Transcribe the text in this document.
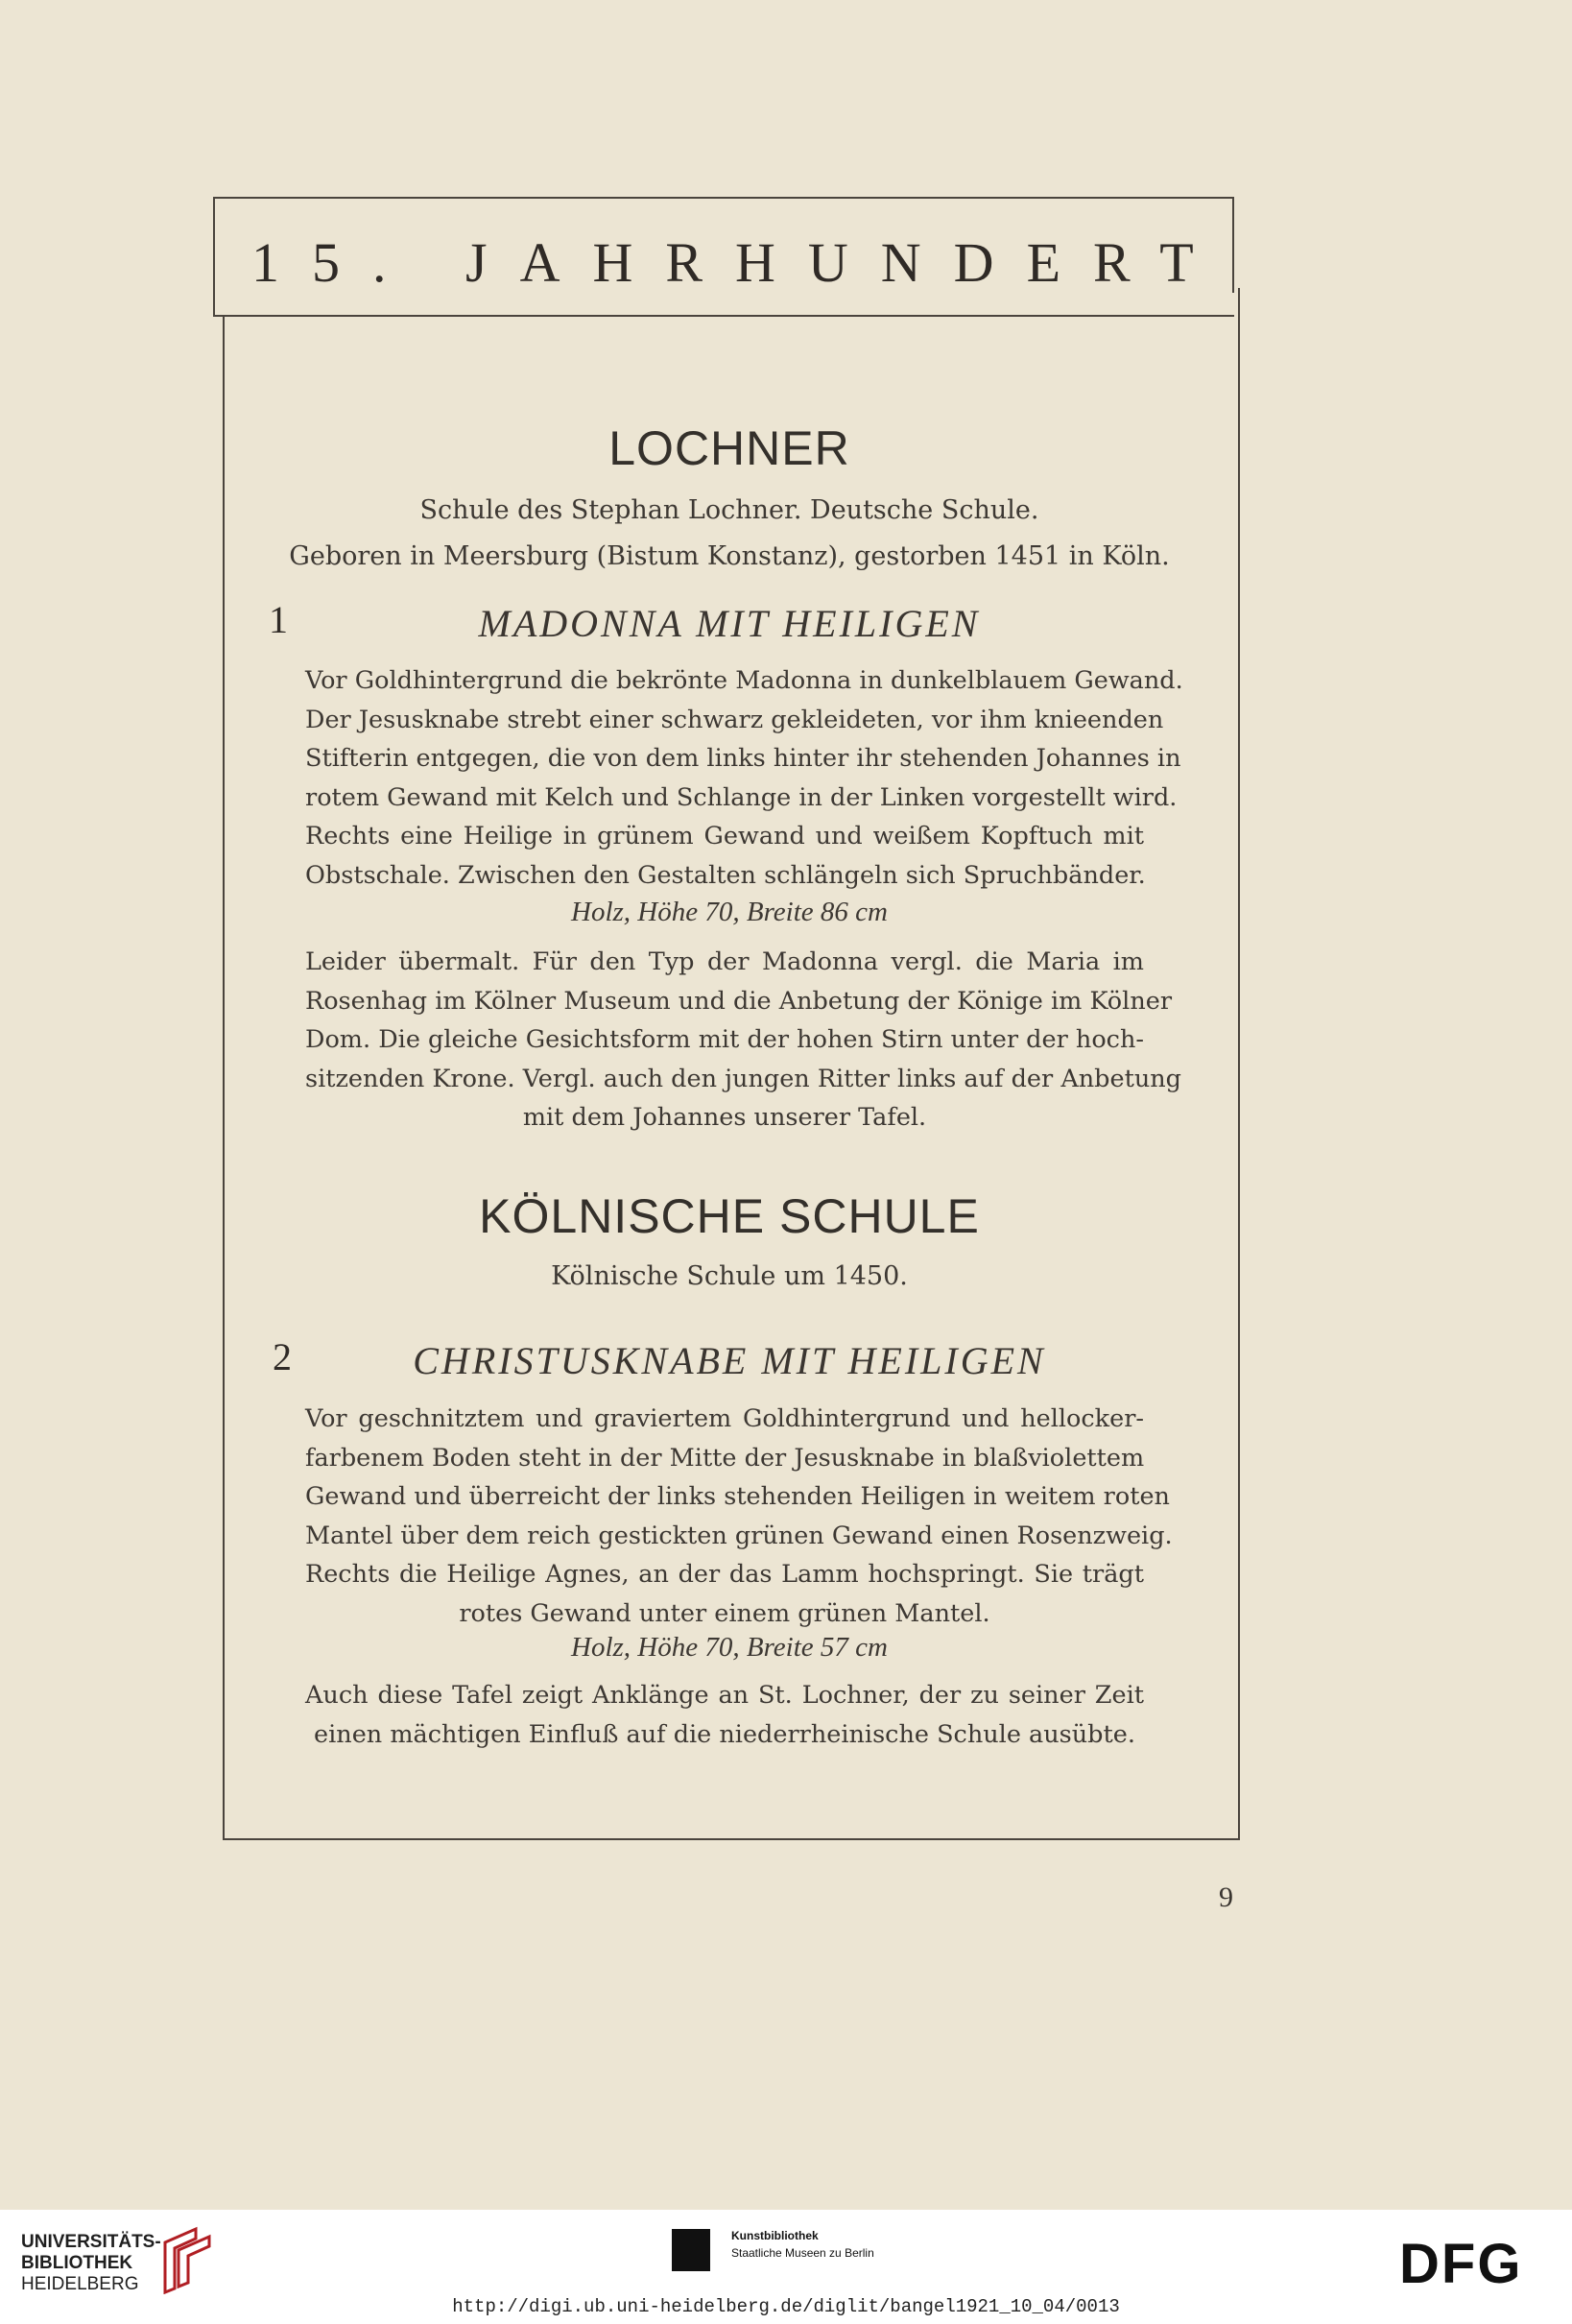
15. JAHRHUNDERT
LOCHNER
Schule des Stephan Lochner. Deutsche Schule.
Geboren in Meersburg (Bistum Konstanz), gestorben 1451 in Köln.
1	MADONNA MIT HEILIGEN
Vor Goldhintergrund die bekrönte Madonna in dunkelblauem Gewand.
Der Jesusknabe strebt einer schwarz gekleideten, vor ihm knieenden
Stifterin entgegen, die von dem links hinter ihr stehenden Johannes in
rotem Gewand mit Kelch und Schlange in der Linken vorgestellt wird.
Rechts eine Heilige in grünem Gewand und weißem Kopftuch mit
Obstschale. Zwischen den Gestalten schlängeln sich Spruchbänder.
Holz, Höhe 70, Breite 86 cm
Leider übermalt. Für den Typ der Madonna vergl. die Maria im
Rosenhag im Kölner Museum und die Anbetung der Könige im Kölner
Dom. Die gleiche Gesichtsform mit der hohen Stirn unter der hoch-
sitzenden Krone. Vergl. auch den jungen Ritter links auf der Anbetung
mit dem Johannes unserer Tafel.
KÖLNISCHE SCHULE
Kölnische Schule um 1450.
2	CHRISTUSKNABE MIT HEILIGEN
Vor geschnitztem und graviertem Goldhintergrund und hellocker-
farbenem Boden steht in der Mitte der Jesusknabe in blaßviolettem
Gewand und überreicht der links stehenden Heiligen in weitem roten
Mantel über dem reich gestickten grünen Gewand einen Rosenzweig.
Rechts die Heilige Agnes, an der das Lamm hochspringt. Sie trägt
rotes Gewand unter einem grünen Mantel.
Holz, Höhe 70, Breite 57 cm
Auch diese Tafel zeigt Anklänge an St. Lochner, der zu seiner Zeit
einen mächtigen Einfluß auf die niederrheinische Schule ausübte.
9
UNIVERSITÄTS-
BIBLIOTHEK
HEIDELBERG
Kunstbibliothek
Staatliche Museen zu Berlin	DFG
http://digi.ub.uni-heidelberg.de/diglit/bangel1921_10_04/0013
